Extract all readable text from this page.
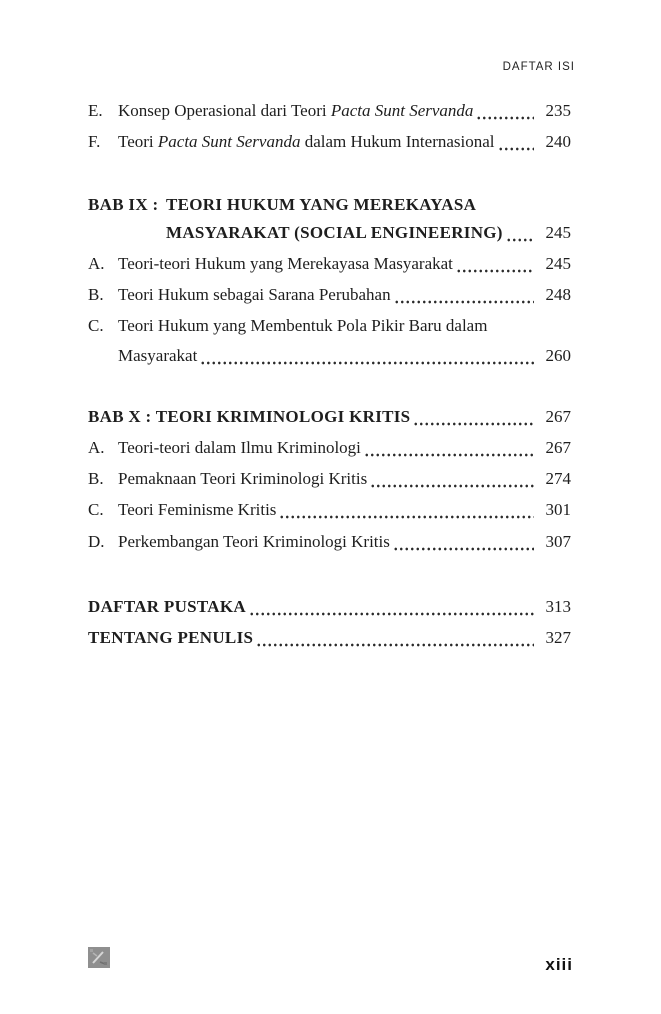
DAFTAR ISI
E. Konsep Operasional dari Teori Pacta Sunt Servanda	235
F.	Teori Pacta Sunt Servanda dalam Hukum Internasional	240
BAB IX : TEORI HUKUM YANG MEREKAYASA
MASYARAKAT (SOCIAL ENGINEERING)	245
A. Teori-teori Hukum yang Merekayasa Masyarakat	245
B. Teori Hukum sebagai Sarana Perubahan	248
C. Teori Hukum yang Membentuk Pola Pikir Baru dalam
Masyarakat	260
BAB X : TEORI KRIMINOLOGI KRITIS	267
A. Teori-teori dalam Ilmu Kriminologi	267
B. Pemaknaan Teori Kriminologi Kritis	274
C. Teori Feminisme Kritis	301
D. Perkembangan Teori Kriminologi Kritis	307
DAFTAR PUSTAKA	313
TENTANG PENULIS	327
xiii
